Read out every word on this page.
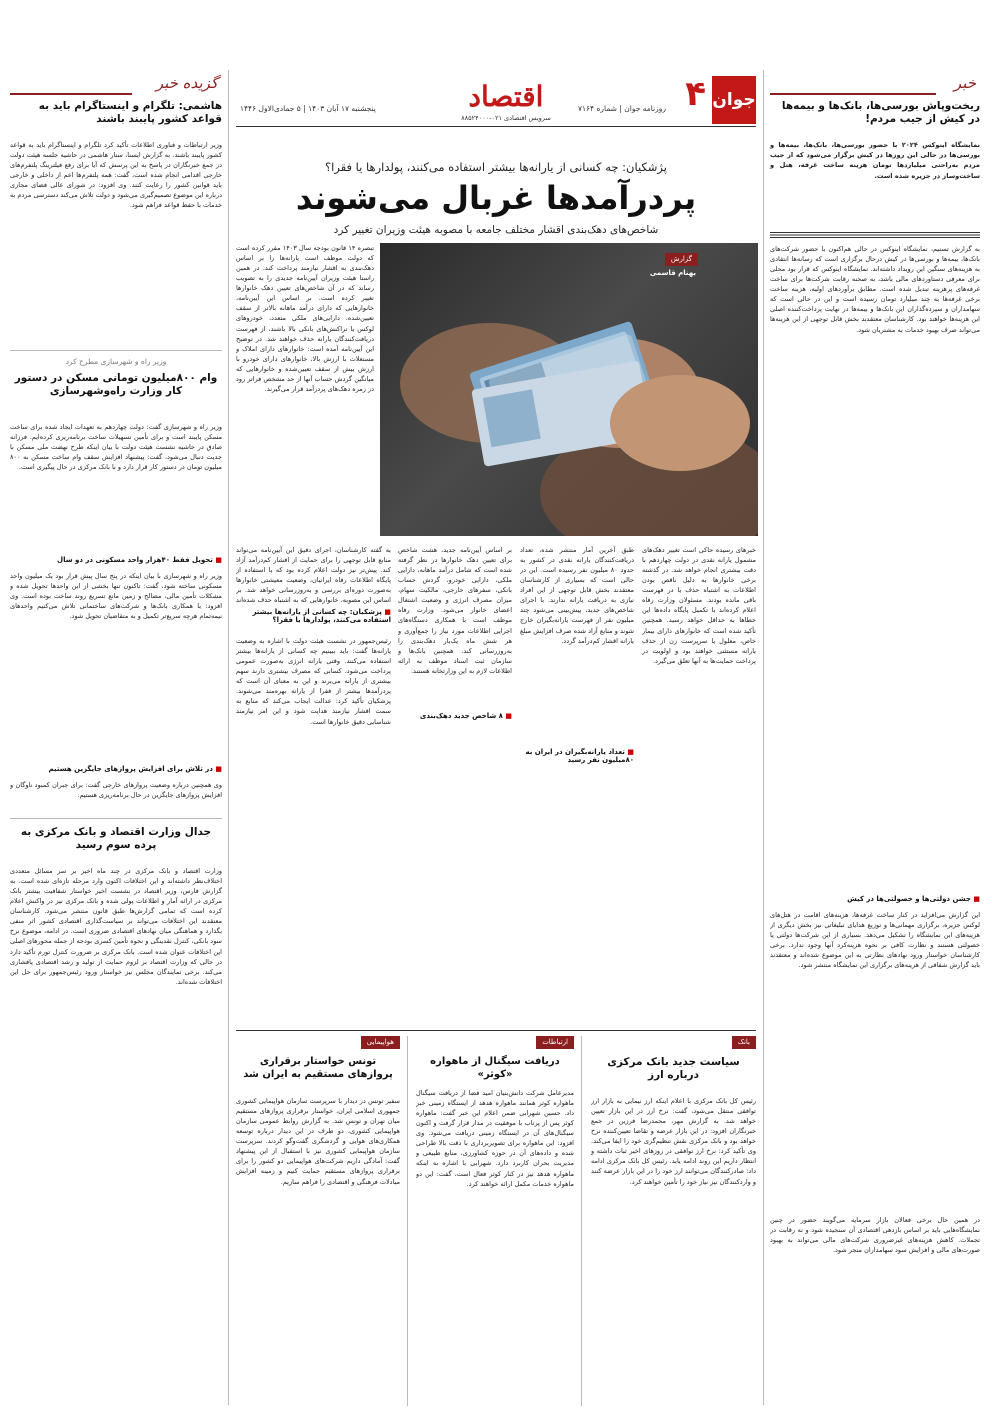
خبر
ریخت‌وپاش بورسی‌ها، بانک‌ها و بیمه‌ها در کیش از جیب مردم!
نمایشگاه اینوکس ۲۰۲۴ با حضور بورسی‌ها، بانک‌ها، بیمه‌ها و بورسی‌ها در حالی این روزها در کیش برگزار می‌شود که از جیب مردم به‌راحتی میلیاردها تومان هزینه ساخت غرفه، هتل و ساخت‌وساز در جزیره شده است.
به گزارش تسنیم، نمایشگاه اینوکس در حالی هم‌اکنون با حضور شرکت‌های بانک‌ها، بیمه‌ها و بورسی‌ها در کیش درحال برگزاری است که رسانه‌ها انتقادی به هزینه‌های سنگین این رویداد داشته‌اند. نمایشگاه اینوکس که قرار بود محلی برای معرفی دستاوردهای مالی باشد، به صحنه رقابت شرکت‌ها برای ساخت غرفه‌های پرهزینه تبدیل شده است. مطابق برآوردهای اولیه، هزینه ساخت برخی غرفه‌ها به چند میلیارد تومان رسیده است و این در حالی است که سهامداران و سپرده‌گذاران این بانک‌ها و بیمه‌ها در نهایت پرداخت‌کننده اصلی این هزینه‌ها خواهند بود. کارشناسان معتقدند بخش قابل توجهی از این هزینه‌ها می‌تواند صرف بهبود خدمات به مشتریان شود.
■ جشن دولتی‌ها و خصولتی‌ها در کیش
این گزارش می‌افزاید در کنار ساخت غرفه‌ها، هزینه‌های اقامت در هتل‌های لوکس جزیره، برگزاری مهمانی‌ها و توزیع هدایای تبلیغاتی نیز بخش دیگری از هزینه‌های این نمایشگاه را تشکیل می‌دهد. بسیاری از این شرکت‌ها دولتی یا خصولتی هستند و نظارت کافی بر نحوه هزینه‌کرد آنها وجود ندارد. برخی کارشناسان خواستار ورود نهادهای نظارتی به این موضوع شده‌اند و معتقدند باید گزارش شفافی از هزینه‌های برگزاری این نمایشگاه منتشر شود.
در همین حال برخی فعالان بازار سرمایه می‌گویند حضور در چنین نمایشگاه‌هایی باید بر اساس بازدهی اقتصادی آن سنجیده شود و نه رقابت در تجملات. کاهش هزینه‌های غیرضروری شرکت‌های مالی می‌تواند به بهبود صورت‌های مالی و افزایش سود سهامداران منجر شود.
گزیده خبر
هاشمی: تلگرام و اینستاگرام باید به قواعد کشور پایبند باشند
وزیر ارتباطات و فناوری اطلاعات تأکید کرد تلگرام و اینستاگرام باید به قواعد کشور پایبند باشند. به گزارش ایسنا، ستار هاشمی در حاشیه جلسه هیئت دولت در جمع خبرنگاران در پاسخ به این پرسش که آیا برای رفع فیلترینگ پلتفرم‌های خارجی اقدامی انجام شده است، گفت: همه پلتفرم‌ها اعم از داخلی و خارجی باید قوانین کشور را رعایت کنند. وی افزود: در شورای عالی فضای مجازی درباره این موضوع تصمیم‌گیری می‌شود و دولت تلاش می‌کند دسترسی مردم به خدمات با حفظ قواعد فراهم شود.
وزیر راه و شهرسازی مطرح کرد
وام ۸۰۰میلیون تومانی مسکن در دستور کار وزارت راه‌وشهرسازی
وزیر راه و شهرسازی گفت: دولت چهاردهم به تعهدات ایجاد شده برای ساخت مسکن پایبند است و برای تأمین تسهیلات ساخت برنامه‌ریزی کرده‌ایم. فرزانه صادق در حاشیه نشست هیئت دولت با بیان اینکه طرح نهضت ملی مسکن با جدیت دنبال می‌شود، گفت: پیشنهاد افزایش سقف وام ساخت مسکن به ۸۰۰ میلیون تومان در دستور کار قرار دارد و با بانک مرکزی در حال پیگیری است.
■ تحویل فقط ۴۰هزار واحد مسکونی در دو سال
وزیر راه و شهرسازی با بیان اینکه در پنج سال پیش قرار بود یک میلیون واحد مسکونی ساخته شود، گفت: تاکنون تنها بخشی از این واحدها تحویل شده و مشکلات تأمین مالی، مصالح و زمین مانع تسریع روند ساخت بوده است. وی افزود: با همکاری بانک‌ها و شرکت‌های ساختمانی تلاش می‌کنیم واحدهای نیمه‌تمام هرچه سریع‌تر تکمیل و به متقاضیان تحویل شود.
■ در تلاش برای افزایش پروازهای جایگزین هستیم
وی همچنین درباره وضعیت پروازهای خارجی گفت: برای جبران کمبود ناوگان و افزایش پروازهای جایگزین در حال برنامه‌ریزی هستیم.
جدال وزارت اقتصاد و بانک مرکزی به پرده سوم رسید
وزارت اقتصاد و بانک مرکزی در چند ماه اخیر بر سر مسائل متعددی اختلاف‌نظر داشته‌اند و این اختلافات اکنون وارد مرحله تازه‌ای شده است. به گزارش فارس، وزیر اقتصاد در نشست اخیر خواستار شفافیت بیشتر بانک مرکزی در ارائه آمار و اطلاعات پولی شده و بانک مرکزی نیز در واکنش اعلام کرده است که تمامی گزارش‌ها طبق قانون منتشر می‌شود. کارشناسان معتقدند این اختلافات می‌تواند بر سیاست‌گذاری اقتصادی کشور اثر منفی بگذارد و هماهنگی میان نهادهای اقتصادی ضروری است. در ادامه، موضوع نرخ سود بانکی، کنترل نقدینگی و نحوه تأمین کسری بودجه از جمله محورهای اصلی این اختلافات عنوان شده است. بانک مرکزی بر ضرورت کنترل تورم تأکید دارد در حالی که وزارت اقتصاد بر لزوم حمایت از تولید و رشد اقتصادی پافشاری می‌کند. برخی نمایندگان مجلس نیز خواستار ورود رئیس‌جمهور برای حل این اختلافات شده‌اند.
جوان
۴
روزنامه جوان | شماره ۷۱۶۴
اقتصاد
سرویس اقتصادی ۰۲۱-۸۸۵۲۴۰۰۰
پنجشنبه ۱۷ آبان ۱۴۰۳ | ۵ جمادی‌الاول ۱۴۴۶
پژشکیان: چه کسانی از یارانه‌ها بیشتر استفاده می‌کنند، پولدارها یا فقرا؟
پردرآمدها غربال می‌شوند
شاخص‌های دهک‌بندی اقشار مختلف جامعه با مصوبه هیئت وزیران تغییر کرد
گزارش
بهنام قاسمی
تبصره ۱۴ قانون بودجه سال ۱۴۰۳ مقرر کرده است که دولت موظف است یارانه‌ها را بر اساس دهک‌بندی به اقشار نیازمند پرداخت کند. در همین راستا هیئت وزیران آیین‌نامه جدیدی را به تصویب رساند که در آن شاخص‌های تعیین دهک خانوارها تغییر کرده است. بر اساس این آیین‌نامه، خانوارهایی که دارای درآمد ماهانه بالاتر از سقف تعیین‌شده، دارایی‌های ملکی متعدد، خودروهای لوکس یا تراکنش‌های بانکی بالا باشند، از فهرست دریافت‌کنندگان یارانه حذف خواهند شد. در توضیح این آیین‌نامه آمده است: خانوارهای دارای املاک و مستغلات با ارزش بالا، خانوارهای دارای خودرو با ارزش بیش از سقف تعیین‌شده و خانوارهایی که میانگین گردش حساب آنها از حد مشخص فراتر رود در زمره دهک‌های پردرآمد قرار می‌گیرند.
خبرهای رسیده حاکی است تغییر دهک‌های مشمول یارانه نقدی در دولت چهاردهم با دقت بیشتری انجام خواهد شد. در گذشته برخی خانوارها به دلیل ناقص بودن اطلاعات به اشتباه حذف یا در فهرست باقی مانده بودند. مسئولان وزارت رفاه اعلام کرده‌اند با تکمیل پایگاه داده‌ها این خطاها به حداقل خواهد رسید. همچنین تأکید شده است که خانوارهای دارای بیمار خاص، معلول یا سرپرست زن از حذف یارانه مستثنی خواهند بود و اولویت در پرداخت حمایت‌ها به آنها تعلق می‌گیرد.
طبق آخرین آمار منتشر شده، تعداد دریافت‌کنندگان یارانه نقدی در کشور به حدود ۸۰ میلیون نفر رسیده است. این در حالی است که بسیاری از کارشناسان معتقدند بخش قابل توجهی از این افراد نیازی به دریافت یارانه ندارند. با اجرای شاخص‌های جدید، پیش‌بینی می‌شود چند میلیون نفر از فهرست یارانه‌بگیران خارج شوند و منابع آزاد شده صرف افزایش مبلغ یارانه اقشار کم‌درآمد گردد.
■ تعداد یارانه‌بگیران در ایران به ۸۰میلیون نفر رسید
بر اساس آیین‌نامه جدید، هشت شاخص برای تعیین دهک خانوارها در نظر گرفته شده است که شامل درآمد ماهانه، دارایی ملکی، دارایی خودرو، گردش حساب بانکی، سفرهای خارجی، مالکیت سهام، میزان مصرف انرژی و وضعیت اشتغال اعضای خانوار می‌شود. وزارت رفاه موظف است با همکاری دستگاه‌های اجرایی اطلاعات مورد نیاز را جمع‌آوری و هر شش ماه یک‌بار دهک‌بندی را به‌روزرسانی کند. همچنین بانک‌ها و سازمان ثبت اسناد موظف به ارائه اطلاعات لازم به این وزارتخانه هستند.
■ ۸ شاخص جدید دهک‌بندی
به گفته کارشناسان، اجرای دقیق این آیین‌نامه می‌تواند منابع قابل توجهی را برای حمایت از اقشار کم‌درآمد آزاد کند. پیش‌تر نیز دولت اعلام کرده بود که با استفاده از پایگاه اطلاعات رفاه ایرانیان، وضعیت معیشتی خانوارها به‌صورت دوره‌ای بررسی و به‌روزرسانی خواهد شد. بر اساس این مصوبه، خانوارهایی که به اشتباه حذف شده‌اند
■ پزشکیان: چه کسانی از یارانه‌ها بیشتر استفاده می‌کنند، پولدارها یا فقرا؟
رئیس‌جمهور در نشست هیئت دولت با اشاره به وضعیت یارانه‌ها گفت: باید ببینیم چه کسانی از یارانه‌ها بیشتر استفاده می‌کنند. وقتی یارانه انرژی به‌صورت عمومی پرداخت می‌شود، کسانی که مصرف بیشتری دارند سهم بیشتری از یارانه می‌برند و این به معنای آن است که پردرآمدها بیشتر از فقرا از یارانه بهره‌مند می‌شوند. پزشکیان تأکید کرد: عدالت ایجاب می‌کند که منابع به سمت اقشار نیازمند هدایت شود و این امر نیازمند شناسایی دقیق خانوارها است.
بانک
سیاست جدید بانک مرکزی درباره ارز
رئیس کل بانک مرکزی با اعلام اینکه ارز نیمایی به بازار ارز توافقی منتقل می‌شود، گفت: نرخ ارز در این بازار تعیین خواهد شد. به گزارش مهر، محمدرضا فرزین در جمع خبرنگاران افزود: در این بازار عرضه و تقاضا تعیین‌کننده نرخ خواهد بود و بانک مرکزی نقش تنظیم‌گری خود را ایفا می‌کند. وی تأکید کرد: نرخ ارز توافقی در روزهای اخیر ثبات داشته و انتظار داریم این روند ادامه یابد. رئیس کل بانک مرکزی ادامه داد: صادرکنندگان می‌توانند ارز خود را در این بازار عرضه کنند و واردکنندگان نیز نیاز خود را تأمین خواهند کرد.
ارتباطات
دریافت سیگنال از ماهواره «کوثر»
مدیرعامل شرکت دانش‌بنیان امید فضا از دریافت سیگنال ماهواره کوثر همانند ماهواره هدهد از ایستگاه زمینی خبر داد. حسین شهرابی ضمن اعلام این خبر گفت: ماهواره کوثر پس از پرتاب با موفقیت در مدار قرار گرفت و اکنون سیگنال‌های آن در ایستگاه زمینی دریافت می‌شود. وی افزود: این ماهواره برای تصویربرداری با دقت بالا طراحی شده و داده‌های آن در حوزه کشاورزی، منابع طبیعی و مدیریت بحران کاربرد دارد. شهرابی با اشاره به اینکه ماهواره هدهد نیز در کنار کوثر فعال است، گفت: این دو ماهواره خدمات مکمل ارائه خواهند کرد.
هواپیمایی
تونس خواستار برقراری پروازهای مستقیم به ایران شد
سفیر تونس در دیدار با سرپرست سازمان هواپیمایی کشوری جمهوری اسلامی ایران، خواستار برقراری پروازهای مستقیم میان تهران و تونس شد. به گزارش روابط عمومی سازمان هواپیمایی کشوری، دو طرف در این دیدار درباره توسعه همکاری‌های هوایی و گردشگری گفت‌وگو کردند. سرپرست سازمان هواپیمایی کشوری نیز با استقبال از این پیشنهاد گفت: آمادگی داریم شرکت‌های هواپیمایی دو کشور را برای برقراری پروازهای مستقیم حمایت کنیم و زمینه افزایش مبادلات فرهنگی و اقتصادی را فراهم سازیم.
